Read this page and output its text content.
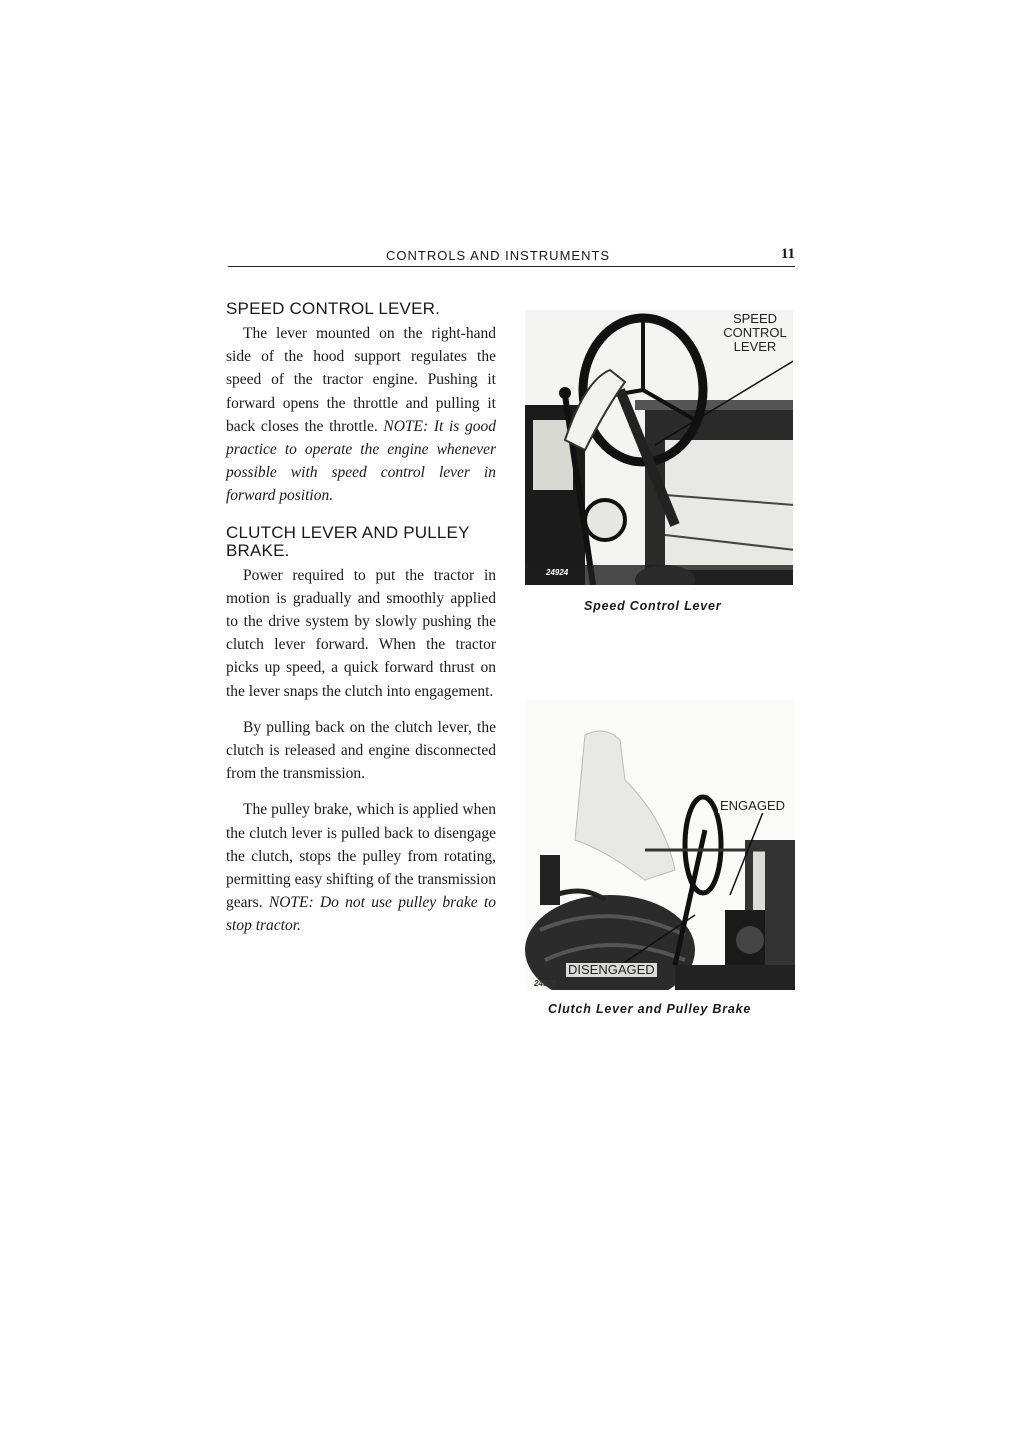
CONTROLS AND INSTRUMENTS	11
SPEED CONTROL LEVER.

The lever mounted on the right-hand side of the hood support regulates the speed of the tractor engine. Pushing it forward opens the throttle and pulling it back closes the throttle. NOTE: It is good practice to operate the engine whenever possible with speed control lever in forward position.

CLUTCH LEVER AND PULLEY BRAKE.

Power required to put the tractor in motion is gradually and smoothly applied to the drive system by slowly pushing the clutch lever forward. When the tractor picks up speed, a quick forward thrust on the lever snaps the clutch into engagement.

By pulling back on the clutch lever, the clutch is released and engine disconnected from the transmission.

The pulley brake, which is applied when the clutch lever is pulled back to disengage the clutch, stops the pulley from rotating, permitting easy shifting of the transmission gears. NOTE: Do not use pulley brake to stop tractor.

SPEED
CONTROL
LEVER
24924
Speed Control Lever
ENGAGED
DISENGAGED
24925
Clutch Lever and Pulley Brake
